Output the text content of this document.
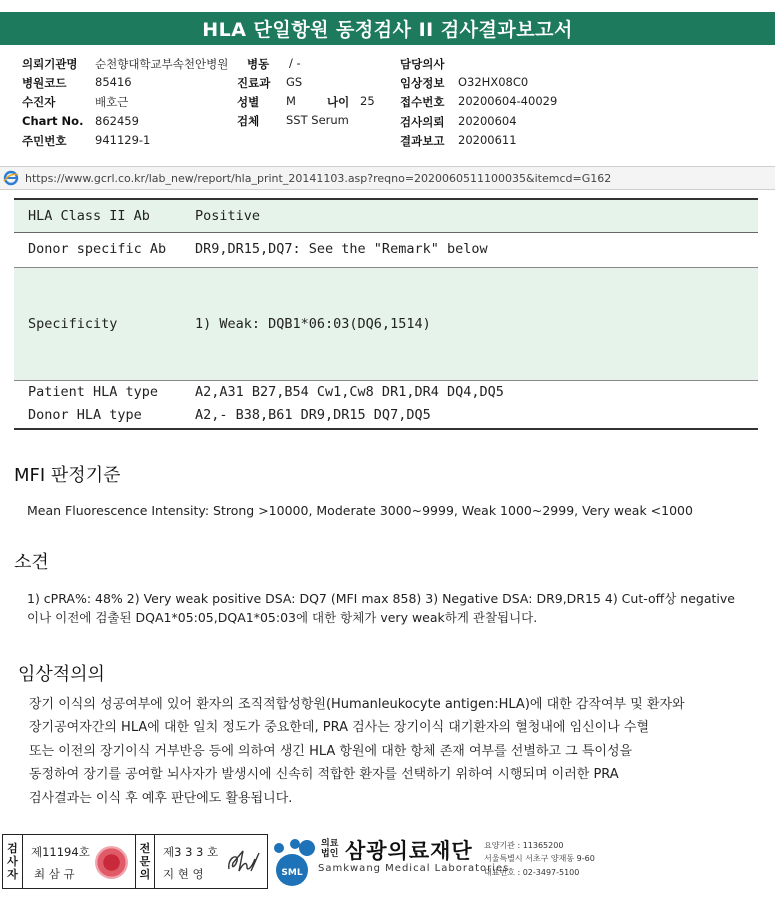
HLA 단일항원 동정검사 II 검사결과보고서
의뢰기관명 순천향대학교부속천안병원 병동 / -	담당의사
병원코드 85416	진료과 GS	임상정보 O32HX08C0
수진자	배호근	성별 M	나이 25 접수번호 20200604-40029
Chart No. 862459	검체 SST Serum	검사의뢰 20200604
주민번호 941129-1	결과보고 20200611
https://www.gcrl.co.kr/lab_new/report/hla_print_20141103.asp?reqno=2020060511100035&itemcd=G162
HLA Class II Ab	Positive
Donor specific Ab DR9,DR15,DQ7: See the "Remark" below
Specificity	1) Weak: DQB1*06:03(DQ6,1514)
Patient HLA type	A2,A31 B27,B54 Cw1,Cw8 DR1,DR4 DQ4,DQ5
Donor HLA type	A2,- B38,B61 DR9,DR15 DQ7,DQ5
MFI 판정기준
Mean Fluorescence Intensity: Strong >10000, Moderate 3000~9999, Weak 1000~2999, Very weak <1000
소견
1) cPRA%: 48% 2) Very weak positive DSA: DQ7 (MFI max 858) 3) Negative DSA: DR9,DR15 4) Cut-off상 negative
이나 이전에 검출된 DQA1*05:05,DQA1*05:03에 대한 항체가 very weak하게 관찰됩니다.
임상적의의
장기 이식의 성공여부에 있어 환자의 조직적합성항원(Humanleukocyte antigen:HLA)에 대한 감작여부 및 환자와
장기공여자간의 HLA에 대한 일치 정도가 중요한데, PRA 검사는 장기이식 대기환자의 혈청내에 임신이나 수혈
또는 이전의 장기이식 거부반응 등에 의하여 생긴 HLA 항원에 대한 항체 존재 여부를 선별하고 그 특이성을
동정하여 장기를 공여할 뇌사자가 발생시에 신속히 적합한 환자를 선택하기 위하여 시행되며 이러한 PRA
검사결과는 이식 후 예후 판단에도 활용됩니다.
검
사
자
제11194호
최 삼 규
전
문
의
제3 3 3 호
지 현 영	SML
의료
법인 삼광의료재단
Samkwang Medical Laboratories
요양기관 : 11365200
서울특별시 서초구 양재동 9-60
대표번호 : 02-3497-5100
